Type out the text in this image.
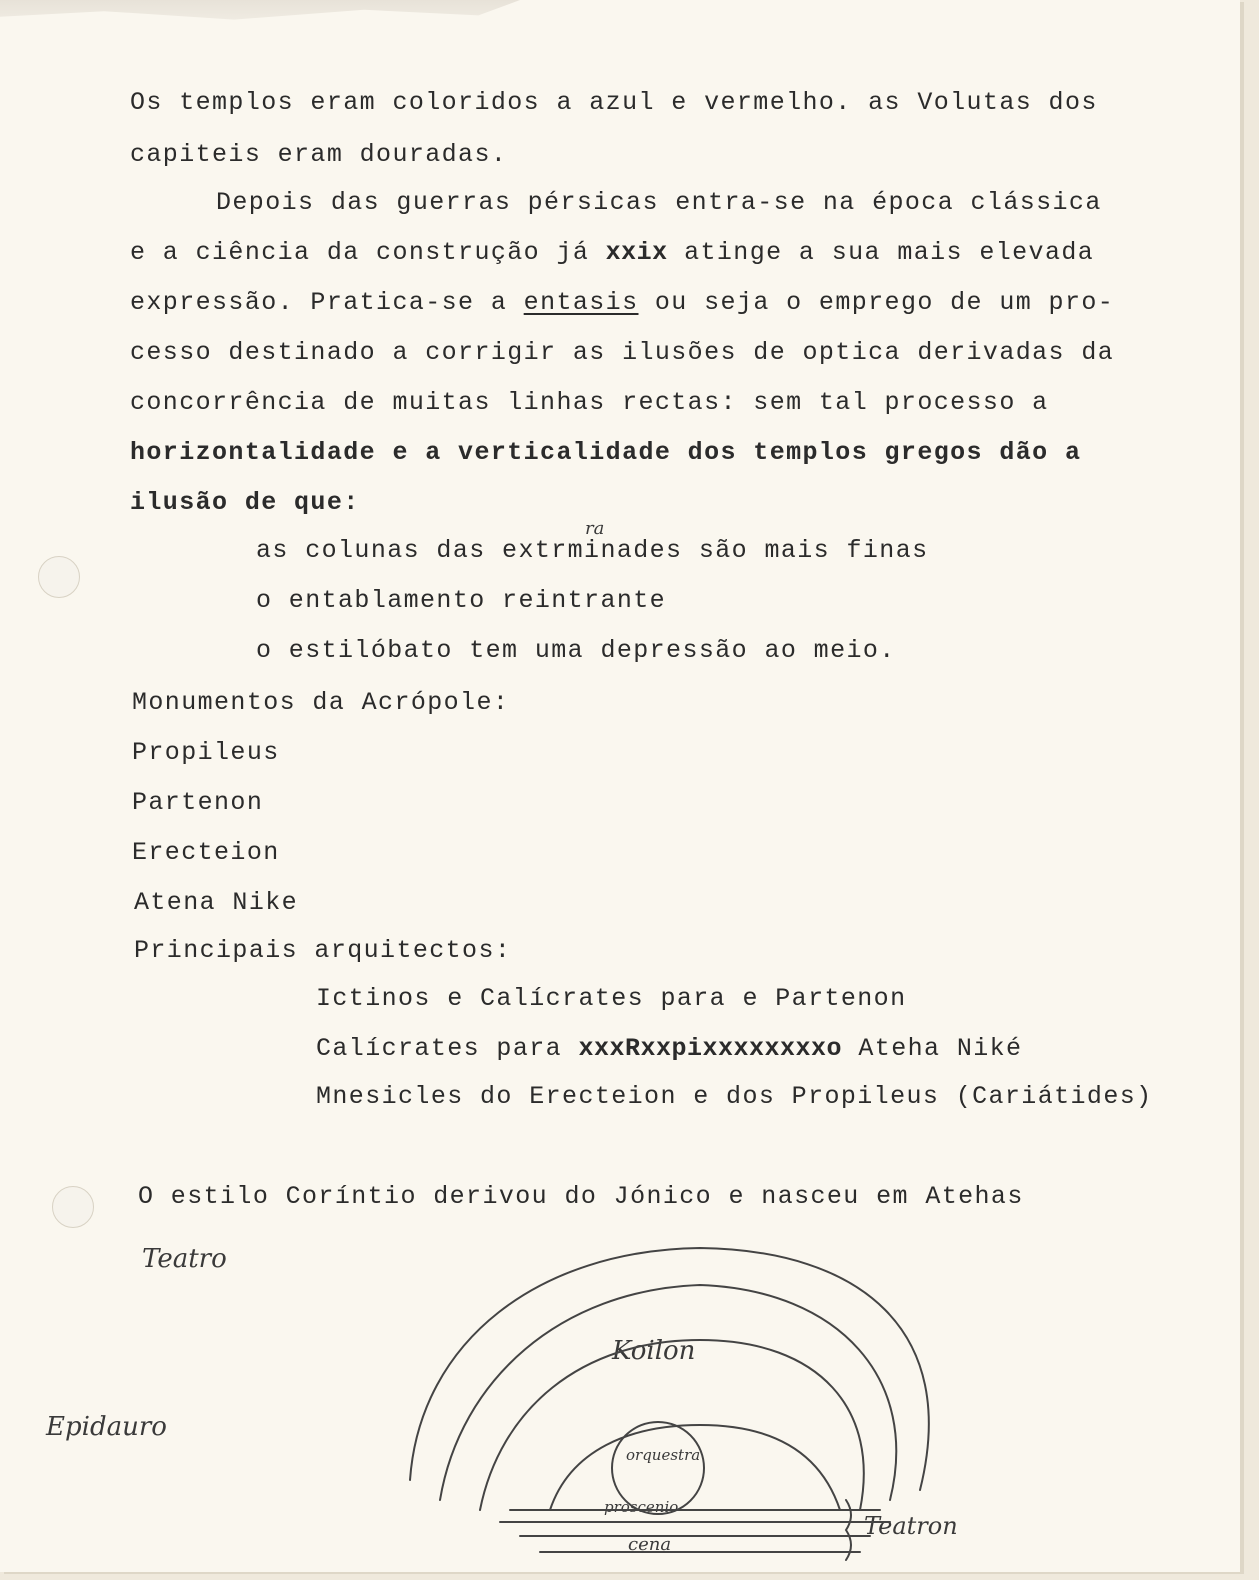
Os templos eram coloridos a azul e vermelho. as Volutas dos
capiteis eram douradas.
Depois das guerras pérsicas entra-se na época clássica
e a ciência da construção já xxix atinge a sua mais elevada
expressão. Pratica-se a entasis ou seja o emprego de um pro-
cesso destinado a corrigir as ilusões de optica derivadas da
concorrência de muitas linhas rectas: sem tal processo a
horizontalidade e a verticalidade dos templos gregos dão a
ilusão de que:
as colunas das extrminades são mais finas
o entablamento reintrante
o estilóbato tem uma depressão ao meio.
Monumentos da Acrópole:
Propileus
Partenon
Erecteion
Atena Nike
Principais arquitectos:
Ictinos e Calícrates para e Partenon
Calícrates para xxxRxxpixxxxxxxxo Ateha Niké
Mnesicles do Erecteion e dos Propileus (Cariátides)
O estilo Coríntio derivou do Jónico e nasceu em Atehas
ra
Teatro
Koilon
Epidauro
orquestra
Teatron
proscenio
cena
